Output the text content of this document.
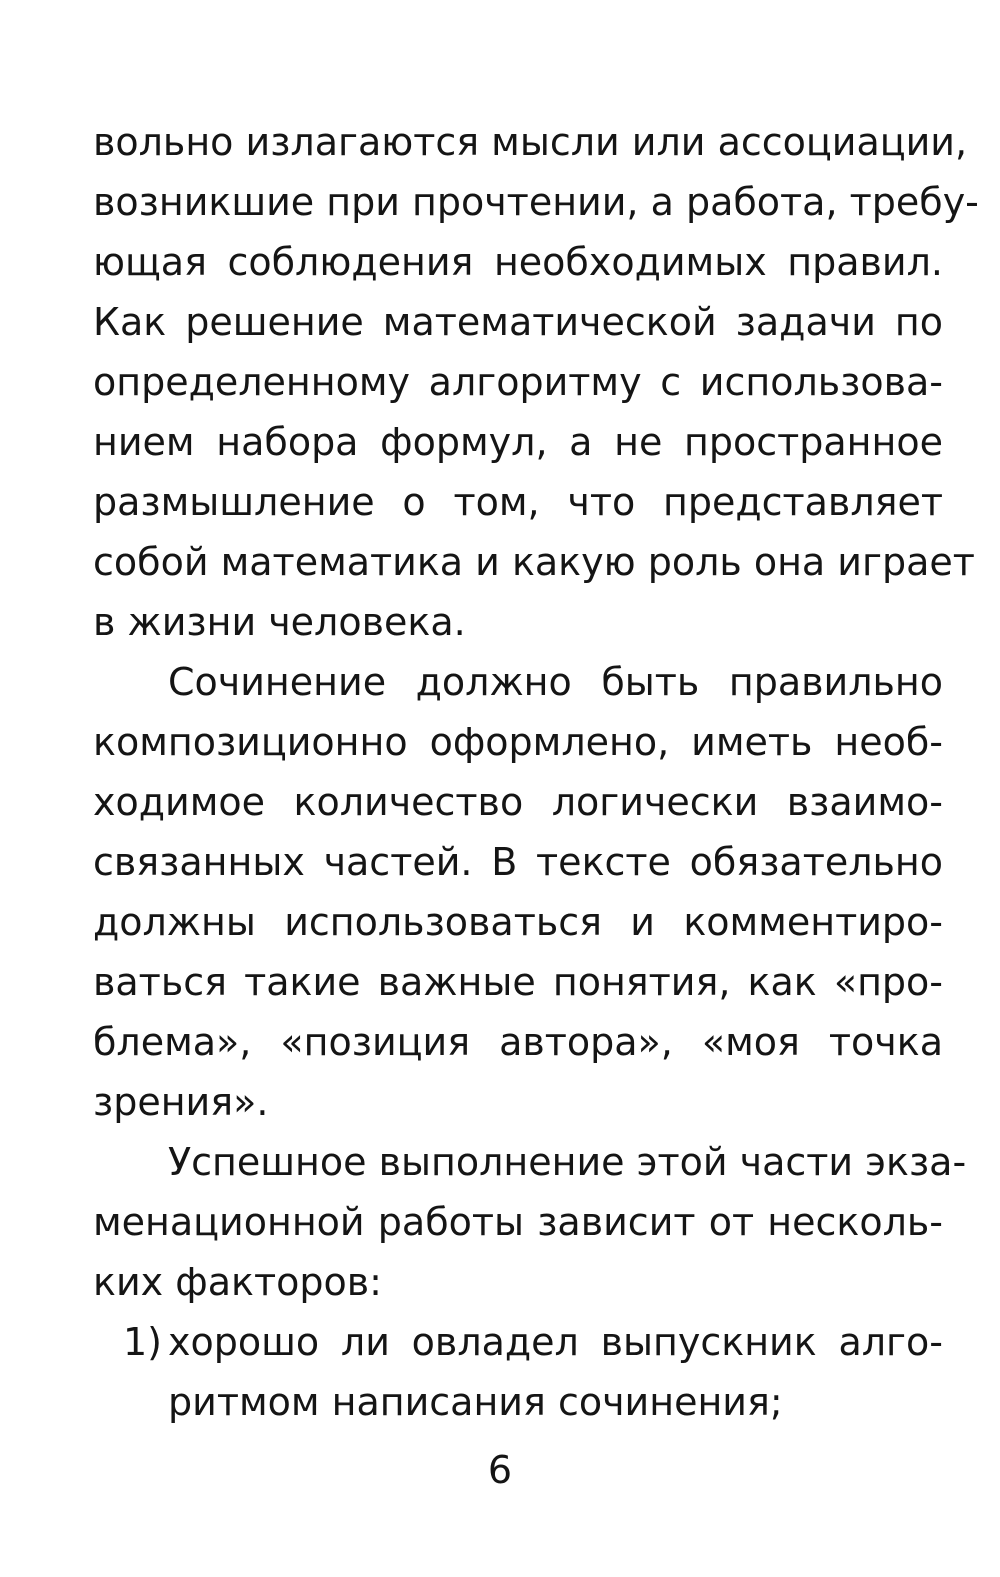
вольно излагаются мысли или ассоциации,
возникшие при прочтении, а работа, требу-
ющая соблюдения необходимых правил.
Как решение математической задачи по
определенному алгоритму с использова-
нием набора формул, а не пространное
размышление о том, что представляет
собой математика и какую роль она играет
в жизни человека.
Сочинение должно быть правильно
композиционно оформлено, иметь необ-
ходимое количество логически взаимо-
связанных частей. В тексте обязательно
должны использоваться и комментиро-
ваться такие важные понятия, как «про-
блема», «позиция автора», «моя точка
зрения».
Успешное выполнение этой части экза-
менационной работы зависит от несколь-
ких факторов:
1) хорошо ли овладел выпускник алго-
ритмом написания сочинения;
6
